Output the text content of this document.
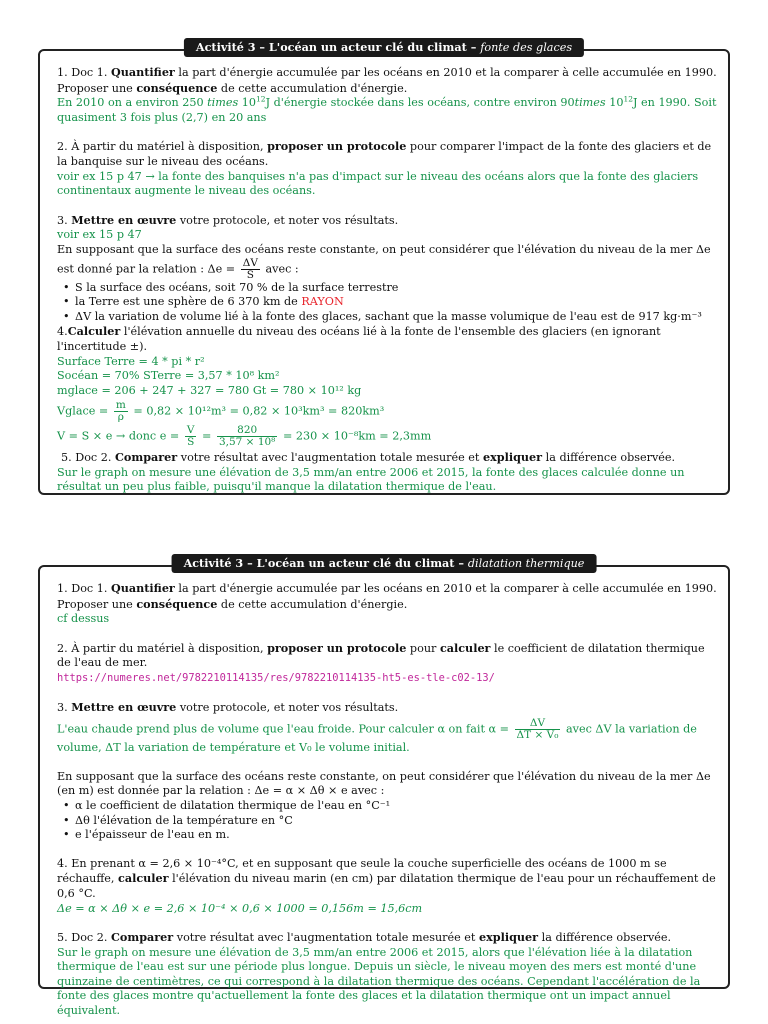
Activité 3 – L'océan un acteur clé du climat – fonte des glaces

1. Doc 1. Quantifier la part d'énergie accumulée par les océans en 2010 et la comparer à celle accumulée en 1990. Proposer une conséquence de cette accumulation d'énergie.

En 2010 on a environ 250 times $10^{12}J$ d'énergie stockée dans les océans, contre environ 90times $10^{12}J$ en 1990. Soit quasiment 3 fois plus (2,7) en 20 ans

2. À partir du matériel à disposition, proposer un protocole pour comparer l'impact de la fonte des glaciers et de la banquise sur le niveau des océans.

voir ex 15 p 47 → la fonte des banquises n'a pas d'impact sur le niveau des océans alors que la fonte des glaciers continentaux augmente le niveau des océans.

3. Mettre en œuvre votre protocole, et noter vos résultats.

voir ex 15 p 47

En supposant que la surface des océans reste constante, on peut considérer que l'élévation du niveau de la mer Δe est donné par la relation : $\Delta e = \frac{\Delta V}{S}$ avec :

• S la surface des océans, soit 70 % de la surface terrestre
• la Terre est une sphère de 6 370 km de RAYON
• ΔV la variation de volume lié à la fonte des glaces, sachant que la masse volumique de l'eau est de 917 kg·m⁻³

4.Calculer l'élévation annuelle du niveau des océans lié à la fonte de l'ensemble des glaciers (en ignorant l'incertitude ±).

Surface Terre = 4 * pi * r²

Socéan = 70% STerre = 3,57 * 10⁸ km²

mglace = 206 + 247 + 327 = 780 Gt = 780 × 10¹² kg

Vglace = $\frac{m}{\rho} = 0,82 \times 10^{12}m^3 = 0,82 \times 10^3km^3 = 820km^3$

V = S × e → donc $e = \frac{V}{S} = \frac{820}{\text{3,57 × 10⁸}} = 230 \times 10^{-8}km = 2,3mm$

5. Doc 2. Comparer votre résultat avec l'augmentation totale mesurée et expliquer la différence observée.

Sur le graph on mesure une élévation de 3,5 mm/an entre 2006 et 2015, la fonte des glaces calculée donne un résultat un peu plus faible, puisqu'il manque la dilatation thermique de l'eau.

Activité 3 – L'océan un acteur clé du climat – dilatation thermique

1. Doc 1. Quantifier la part d'énergie accumulée par les océans en 2010 et la comparer à celle accumulée en 1990. Proposer une conséquence de cette accumulation d'énergie.

cf dessus

2. À partir du matériel à disposition, proposer un protocole pour calculer le coefficient de dilatation thermique de l'eau de mer.

https://numeres.net/9782210114135/res/9782210114135-ht5-es-tle-c02-13/

3. Mettre en œuvre votre protocole, et noter vos résultats.

L'eau chaude prend plus de volume que l'eau froide. Pour calculer α on fait $\alpha = \frac{\Delta V}{\text{ΔT × V₀}}$ avec ΔV la variation de volume, ΔT la variation de température et V₀ le volume initial.

En supposant que la surface des océans reste constante, on peut considérer que l'élévation du niveau de la mer Δe (en m) est donnée par la relation : Δe = α × Δθ × e avec :

• α le coefficient de dilatation thermique de l'eau en °C⁻¹
• Δθ l'élévation de la température en °C
• e l'épaisseur de l'eau en m.

4. En prenant α = 2,6 × 10⁻⁴°C, et en supposant que seule la couche superficielle des océans de 1000 m se réchauffe, calculer l'élévation du niveau marin (en cm) par dilatation thermique de l'eau pour un réchauffement de 0,6 °C.

Δe = α × Δθ × e = 2,6 × 10⁻⁴ × 0,6 × 1000 = 0,156m = 15,6cm

5. Doc 2. Comparer votre résultat avec l'augmentation totale mesurée et expliquer la différence observée.

Sur le graph on mesure une élévation de 3,5 mm/an entre 2006 et 2015, alors que l'élévation liée à la dilatation thermique de l'eau est sur une période plus longue. Depuis un siècle, le niveau moyen des mers est monté d'une quinzaine de centimètres, ce qui correspond à la dilatation thermique des océans. Cependant l'accélération de la fonte des glaces montre qu'actuellement la fonte des glaces et la dilatation thermique ont un impact annuel équivalent.
